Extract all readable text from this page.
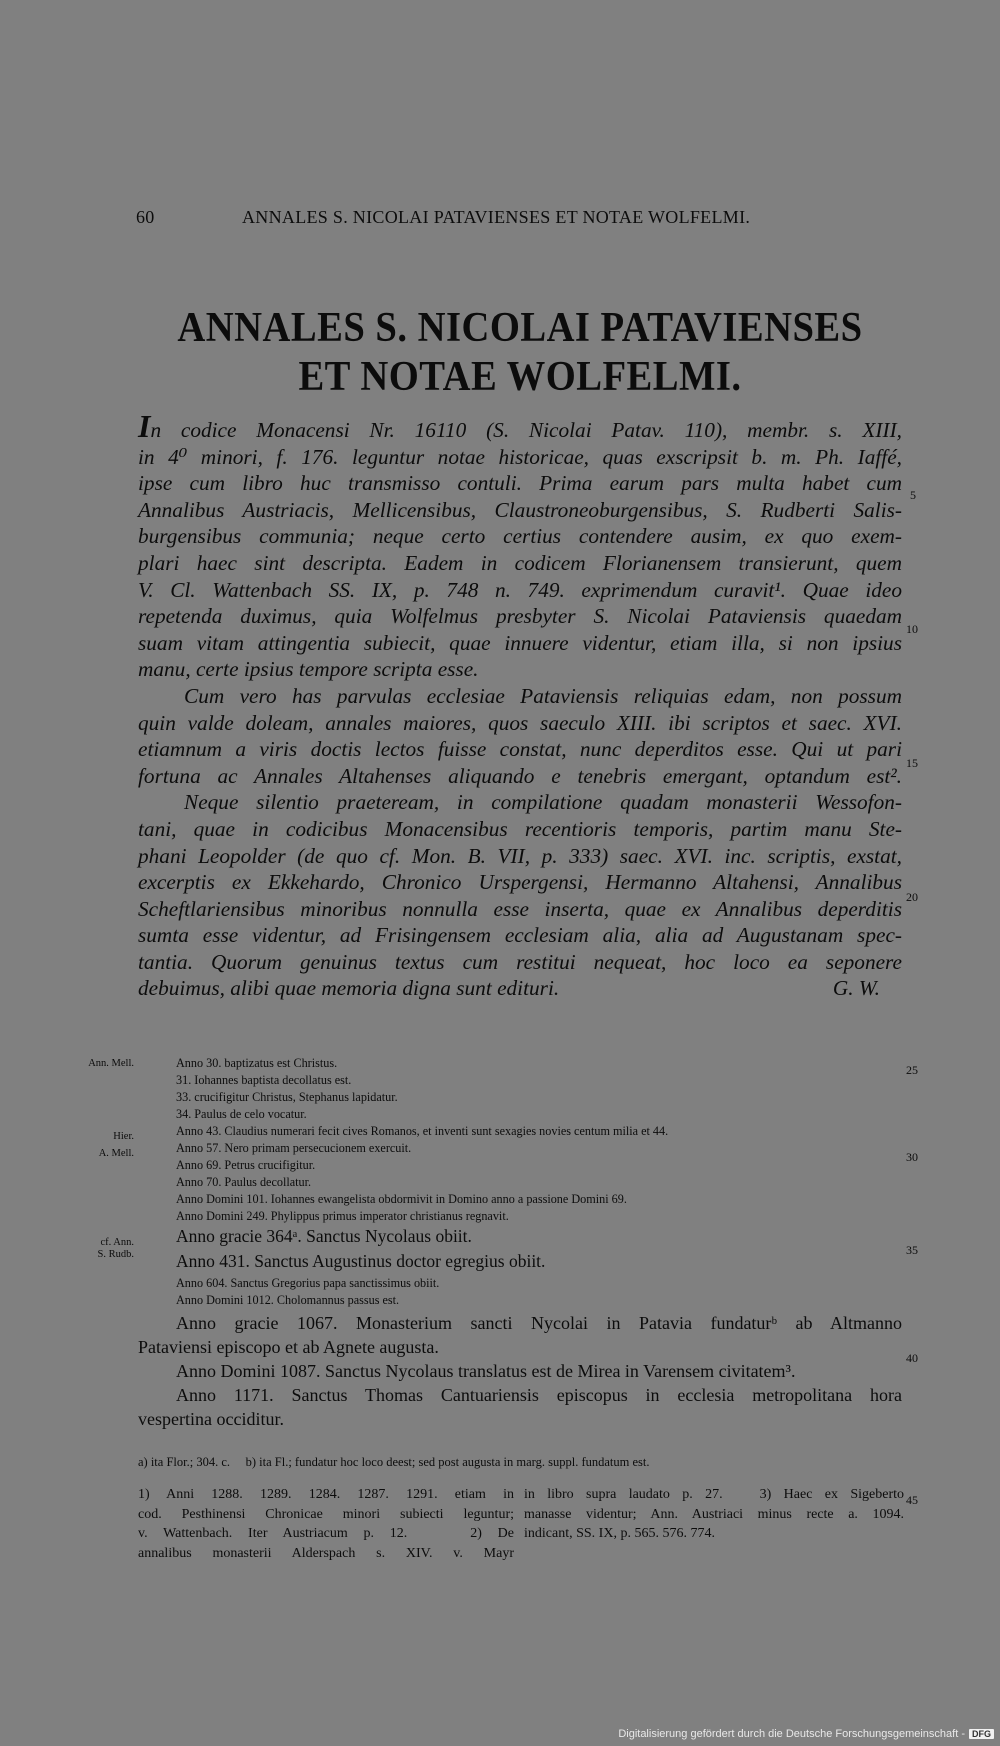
60	ANNALES S. NICOLAI PATAVIENSES ET NOTAE WOLFELMI.
ANNALES S. NICOLAI PATAVIENSES
ET NOTAE WOLFELMI.

In codice Monacensi Nr. 16110 (S. Nicolai Patav. 110), membr. s. XIII,

in 4⁰ minori, f. 176. leguntur notae historicae, quas exscripsit b. m. Ph. Iaffé,

ipse cum libro huc transmisso contuli. Prima earum pars multa habet cum

Annalibus Austriacis, Mellicensibus, Claustroneoburgensibus, S. Rudberti Salis-

burgensibus communia; neque certo certius contendere ausim, ex quo exem-

plari haec sint descripta. Eadem in codicem Florianensem transierunt, quem

V. Cl. Wattenbach SS. IX, p. 748 n. 749. exprimendum curavit¹. Quae ideo

repetenda duximus, quia Wolfelmus presbyter S. Nicolai Pataviensis quaedam

suam vitam attingentia subiecit, quae innuere videntur, etiam illa, si non ipsius

manu, certe ipsius tempore scripta esse.

Cum vero has parvulas ecclesiae Pataviensis reliquias edam, non possum

quin valde doleam, annales maiores, quos saeculo XIII. ibi scriptos et saec. XVI.

etiamnum a viris doctis lectos fuisse constat, nunc deperditos esse. Qui ut pari

fortuna ac Annales Altahenses aliquando e tenebris emergant, optandum est².

Neque silentio praeteream, in compilatione quadam monasterii Wessofon-

tani, quae in codicibus Monacensibus recentioris temporis, partim manu Ste-

phani Leopolder (de quo cf. Mon. B. VII, p. 333) saec. XVI. inc. scriptis, exstat,

excerptis ex Ekkehardo, Chronico Urspergensi, Hermanno Altahensi, Annalibus

Scheftlariensibus minoribus nonnulla esse inserta, quae ex Annalibus deperditis

sumta esse videntur, ad Frisingensem ecclesiam alia, alia ad Augustanam spec-

tantia. Quorum genuinus textus cum restitui nequeat, hoc loco ea seponere

debuimus, alibi quae memoria digna sunt edituri.	G. W.

5
10
15
20
Ann. Mell.
Hier.
A. Mell.
cf. Ann.
S. Rudb.
Anno 30. baptizatus est Christus.
31. Iohannes baptista decollatus est.
33. crucifigitur Christus, Stephanus lapidatur.
34. Paulus de celo vocatur.
Anno 43. Claudius numerari fecit cives Romanos, et inventi sunt sexagies novies centum milia et 44.
Anno 57. Nero primam persecucionem exercuit.
Anno 69. Petrus crucifigitur.
Anno 70. Paulus decollatur.
Anno Domini 101. Iohannes ewangelista obdormivit in Domino anno a passione Domini 69.
Anno Domini 249. Phylippus primus imperator christianus regnavit.
Anno gracie 364ᵃ. Sanctus Nycolaus obiit.
Anno 431. Sanctus Augustinus doctor egregius obiit.
Anno 604. Sanctus Gregorius papa sanctissimus obiit.
Anno Domini 1012. Cholomannus passus est.

Anno gracie 1067. Monasterium sancti Nycolai in Patavia fundaturᵇ ab Altmanno

Pataviensi episcopo et ab Agnete augusta.

Anno Domini 1087. Sanctus Nycolaus translatus est de Mirea in Varensem civitatem³.

Anno 1171. Sanctus Thomas Cantuariensis episcopus in ecclesia metropolitana hora

vespertina occiditur.

25
30
35
40
45
a) ita Flor.; 304. c.     b) ita Fl.; fundatur hoc loco deest; sed post augusta in marg. suppl. fundatum est.
1) Anni 1288. 1289. 1284. 1287. 1291. etiam in
cod. Pesthinensi Chronicae minori subiecti leguntur;
v. Wattenbach. Iter Austriacum p. 12.    2) De
annalibus monasterii Alderspach s. XIV. v. Mayr
in libro supra laudato p. 27.   3) Haec ex Sigeberto
manasse videntur; Ann. Austriaci minus recte a. 1094.
indicant, SS. IX, p. 565. 576. 774.
Digitalisierung gefördert durch die Deutsche Forschungsgemeinschaft - DFG
